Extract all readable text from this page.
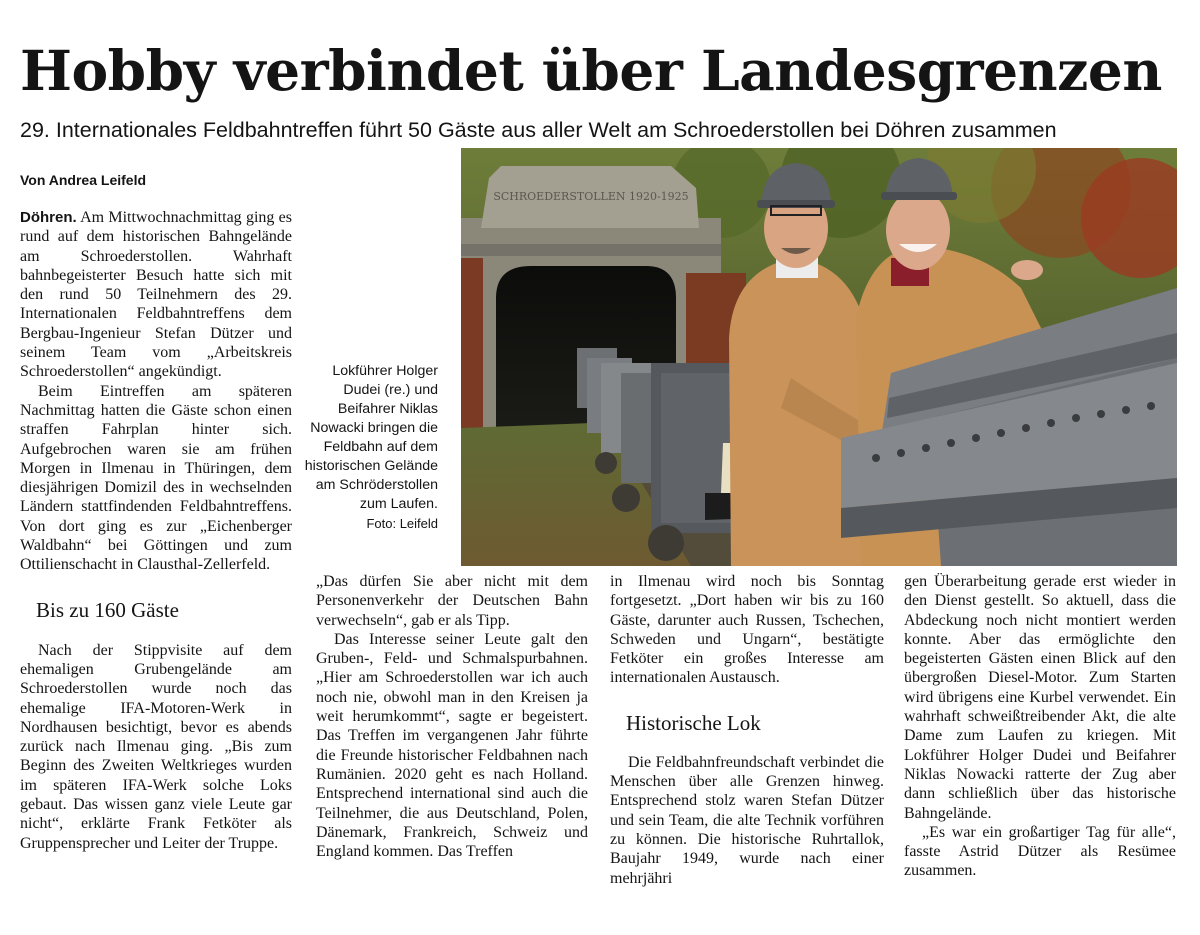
Hobby verbindet über Landesgrenzen

29. Internationales Feldbahntreffen führt 50 Gäste aus aller Welt am Schroederstollen bei Döhren zusammen

Von Andrea Leifeld

Döhren. Am Mittwochnachmittag ging es rund auf dem historischen Bahngelände am Schroederstollen. Wahrhaft bahnbegeisterter Besuch hatte sich mit den rund 50 Teilnehmern des 29. Internationalen Feldbahntreffens dem Bergbau-Ingenieur Stefan Dützer und seinem Team vom „Arbeitskreis Schroederstollen“ angekündigt.

Beim Eintreffen am späteren Nachmittag hatten die Gäste schon einen straffen Fahrplan hinter sich. Aufgebrochen waren sie am frühen Morgen in Ilmenau in Thüringen, dem diesjährigen Domizil des in wechselnden Ländern stattfindenden Feldbahntreffens. Von dort ging es zur „Eichenberger Waldbahn“ bei Göttingen und zum Ottilienschacht in Clausthal-Zellerfeld.

Bis zu 160 Gäste

Nach der Stippvisite auf dem ehemaligen Grubengelände am Schroederstollen wurde noch das ehemalige IFA-Motoren-Werk in Nordhausen besichtigt, bevor es abends zurück nach Ilmenau ging. „Bis zum Beginn des Zweiten Weltkrieges wurden im späteren IFA-Werk solche Loks gebaut. Das wissen ganz viele Leute gar nicht“, erklärte Frank Fetköter als Gruppensprecher und Leiter der Truppe.

Lokführer Holger Dudei (re.) und Beifahrer Niklas Nowacki bringen die Feldbahn auf dem historischen Gelände am Schröderstollen zum Laufen.
Foto: Leifeld

SCHROEDERSTOLLEN 1920-1925

„Das dürfen Sie aber nicht mit dem Personenverkehr der Deutschen Bahn verwechseln“, gab er als Tipp.

Das Interesse seiner Leute galt den Gruben-, Feld- und Schmalspurbahnen. „Hier am Schroederstollen war ich auch noch nie, obwohl man in den Kreisen ja weit herumkommt“, sagte er begeistert. Das Treffen im vergangenen Jahr führte die Freunde historischer Feldbahnen nach Rumänien. 2020 geht es nach Holland. Entsprechend international sind auch die Teilnehmer, die aus Deutschland, Polen, Dänemark, Frankreich, Schweiz und England kommen. Das Treffen

in Ilmenau wird noch bis Sonntag fortgesetzt. „Dort haben wir bis zu 160 Gäste, darunter auch Russen, Tschechen, Schweden und Ungarn“, bestätigte Fetköter ein großes Interesse am internationalen Austausch.

Historische Lok

Die Feldbahnfreundschaft verbindet die Menschen über alle Grenzen hinweg. Entsprechend stolz waren Stefan Dützer und sein Team, die alte Technik vorführen zu können. Die historische Ruhrtallok, Baujahr 1949, wurde nach einer mehrjähri

gen Überarbeitung gerade erst wieder in den Dienst gestellt. So aktuell, dass die Abdeckung noch nicht montiert werden konnte. Aber das ermöglichte den begeisterten Gästen einen Blick auf den übergroßen Diesel-Motor. Zum Starten wird übrigens eine Kurbel verwendet. Ein wahrhaft schweißtreibender Akt, die alte Dame zum Laufen zu kriegen. Mit Lokführer Holger Dudei und Beifahrer Niklas Nowacki ratterte der Zug aber dann schließlich über das historische Bahngelände.

„Es war ein großartiger Tag für alle“, fasste Astrid Dützer als Resümee zusammen.
